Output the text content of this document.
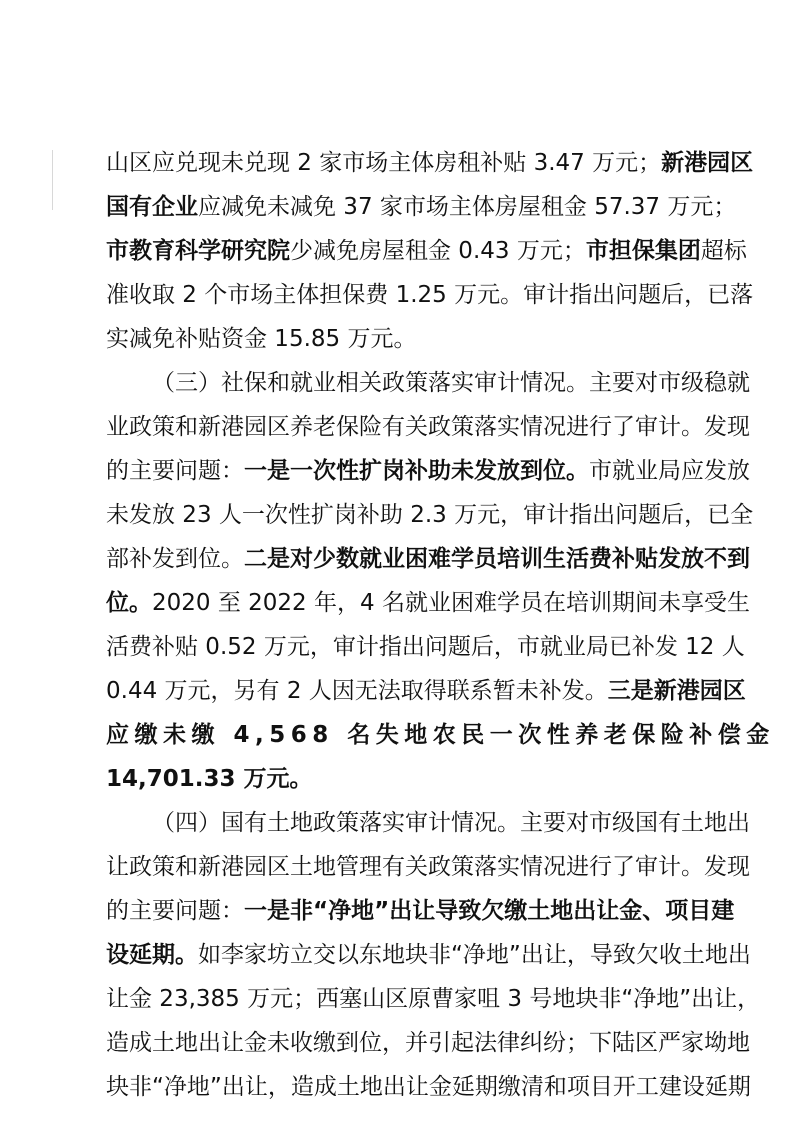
山区应兑现未兑现 2 家市场主体房租补贴 3.47 万元；新港园区
国有企业应减免未减免 37 家市场主体房屋租金 57.37 万元；
市教育科学研究院少减免房屋租金 0.43 万元；市担保集团超标
准收取 2 个市场主体担保费 1.25 万元。审计指出问题后，已落
实减免补贴资金 15.85 万元。
（三）社保和就业相关政策落实审计情况。主要对市级稳就
业政策和新港园区养老保险有关政策落实情况进行了审计。发现
的主要问题：一是一次性扩岗补助未发放到位。市就业局应发放
未发放 23 人一次性扩岗补助 2.3 万元，审计指出问题后，已全
部补发到位。二是对少数就业困难学员培训生活费补贴发放不到
位。2020 至 2022 年，4 名就业困难学员在培训期间未享受生
活费补贴 0.52 万元，审计指出问题后，市就业局已补发 12 人
0.44 万元，另有 2 人因无法取得联系暂未补发。三是新港园区
应缴未缴 4,568 名失地农民一次性养老保险补偿金
14,701.33 万元。
（四）国有土地政策落实审计情况。主要对市级国有土地出
让政策和新港园区土地管理有关政策落实情况进行了审计。发现
的主要问题：一是非“净地”出让导致欠缴土地出让金、项目建
设延期。如李家坊立交以东地块非“净地”出让，导致欠收土地出
让金 23,385 万元；西塞山区原曹家咀 3 号地块非“净地”出让，
造成土地出让金未收缴到位，并引起法律纠纷；下陆区严家坳地
块非“净地”出让，造成土地出让金延期缴清和项目开工建设延期
